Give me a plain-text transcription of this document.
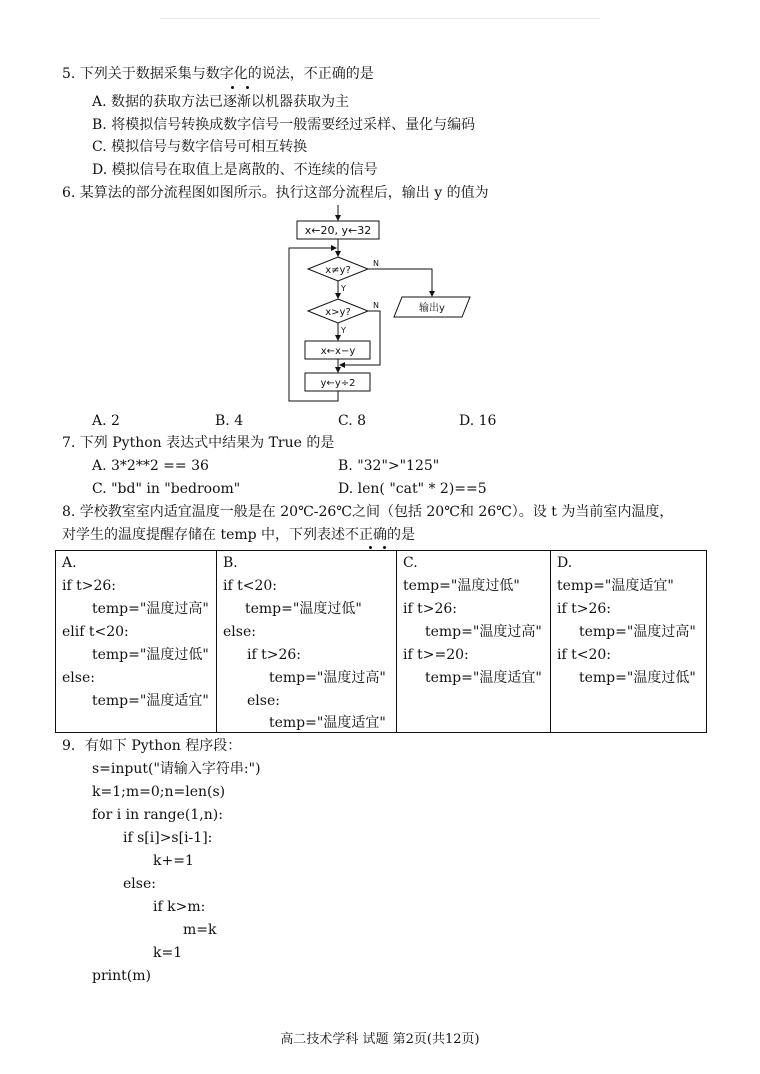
5. 下列关于数据采集与数字化的说法，不正确的是
A. 数据的获取方法已逐渐以机器获取为主
B. 将模拟信号转换成数字信号一般需要经过采样、量化与编码
C. 模拟信号与数字信号可相互转换
D. 模拟信号在取值上是离散的、不连续的信号
6. 某算法的部分流程图如图所示。执行这部分流程后，输出 y 的值为
x←20, y←32
x≠y?
x>y?
x←x−y
y←y÷2
输出y
Y
Y
N
N
A. 2	B. 4	C. 8	D. 16
7. 下列 Python 表达式中结果为 True 的是
A. 3*2**2 == 36	B. "32">"125"
C. "bd" in "bedroom"	D. len( "cat" * 2)==5
8. 学校教室室内适宜温度一般是在 20℃-26℃之间（包括 20℃和 26℃）。设 t 为当前室内温度，
对学生的温度提醒存储在 temp 中，下列表述不正确的是
A.
if t>26:
temp="温度过高"
elif t<20:
temp="温度过低"
else:
temp="温度适宜"

B.
if t<20:
temp="温度过低"
else:
if t>26:
temp="温度过高"
else:
temp="温度适宜"

C.
temp="温度过低"
if t>26:
temp="温度过高"
if t>=20:
temp="温度适宜"

D.
temp="温度适宜"
if t>26:
temp="温度过高"
if t<20:
temp="温度过低"
9．有如下 Python 程序段：
s=input("请输入字符串:")
k=1;m=0;n=len(s)
for i in range(1,n):
if s[i]>s[i-1]:
k+=1
else:
if k>m:
m=k
k=1
print(m)
高二技术学科 试题 第2页(共12页)
